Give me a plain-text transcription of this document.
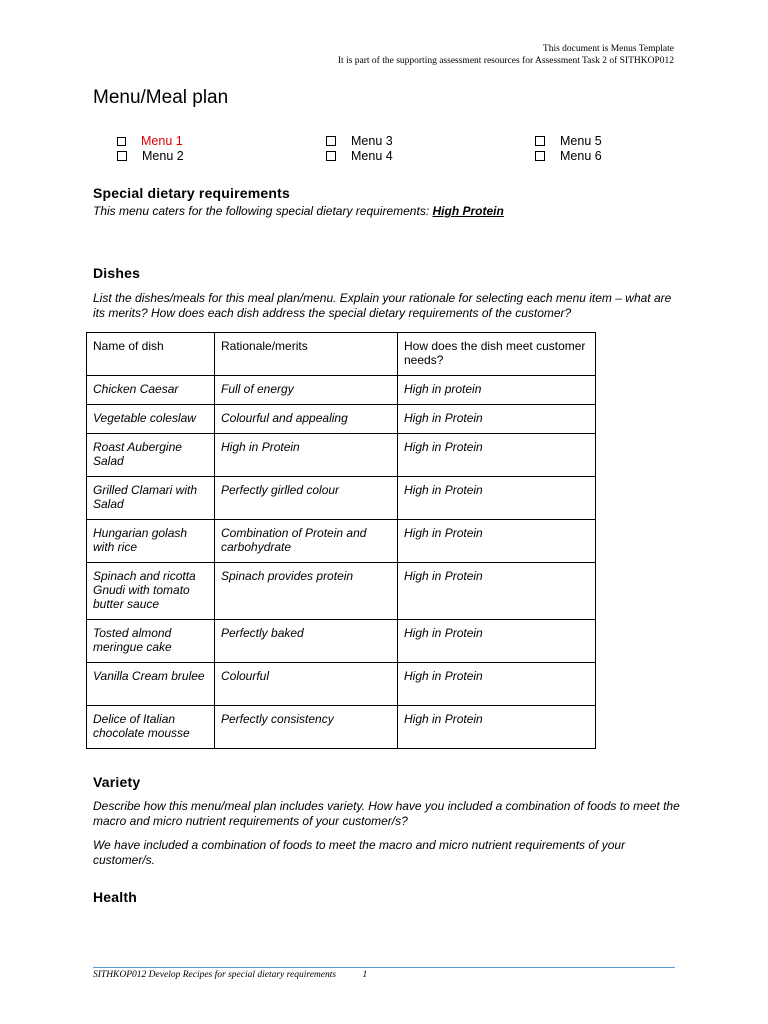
This document is Menus Template
It is part of the supporting assessment resources for Assessment Task 2 of SITHKOP012
Menu/Meal plan
Menu 1
Menu 2
Menu 3
Menu 4
Menu 5
Menu 6
Special dietary requirements

This menu caters for the following special dietary requirements: High Protein

Dishes

List the dishes/meals for this meal plan/menu. Explain your rationale for selecting each menu item – what are its merits? How does each dish address the special dietary requirements of the customer?

Name of dish	Rationale/merits	How does the dish meet customer needs?
Chicken Caesar	Full of energy	High in protein
Vegetable coleslaw	Colourful and appealing	High in Protein
Roast Aubergine Salad	High in Protein	High in Protein
Grilled Clamari with Salad	Perfectly girlled colour	High in Protein
Hungarian golash with rice	Combination of Protein and carbohydrate	High in Protein
Spinach and ricotta Gnudi with tomato butter sauce	Spinach provides protein	High in Protein
Tosted almond meringue cake	Perfectly baked	High in Protein
Vanilla Cream brulee	Colourful	High in Protein
Delice of Italian chocolate mousse	Perfectly consistency	High in Protein
Variety

Describe how this menu/meal plan includes variety. How have you included a combination of foods to meet the macro and micro nutrient requirements of your customer/s?

We have included a combination of foods to meet the macro and micro nutrient requirements of your customer/s.

Health
SITHKOP012 Develop Recipes for special dietary requirements	1
